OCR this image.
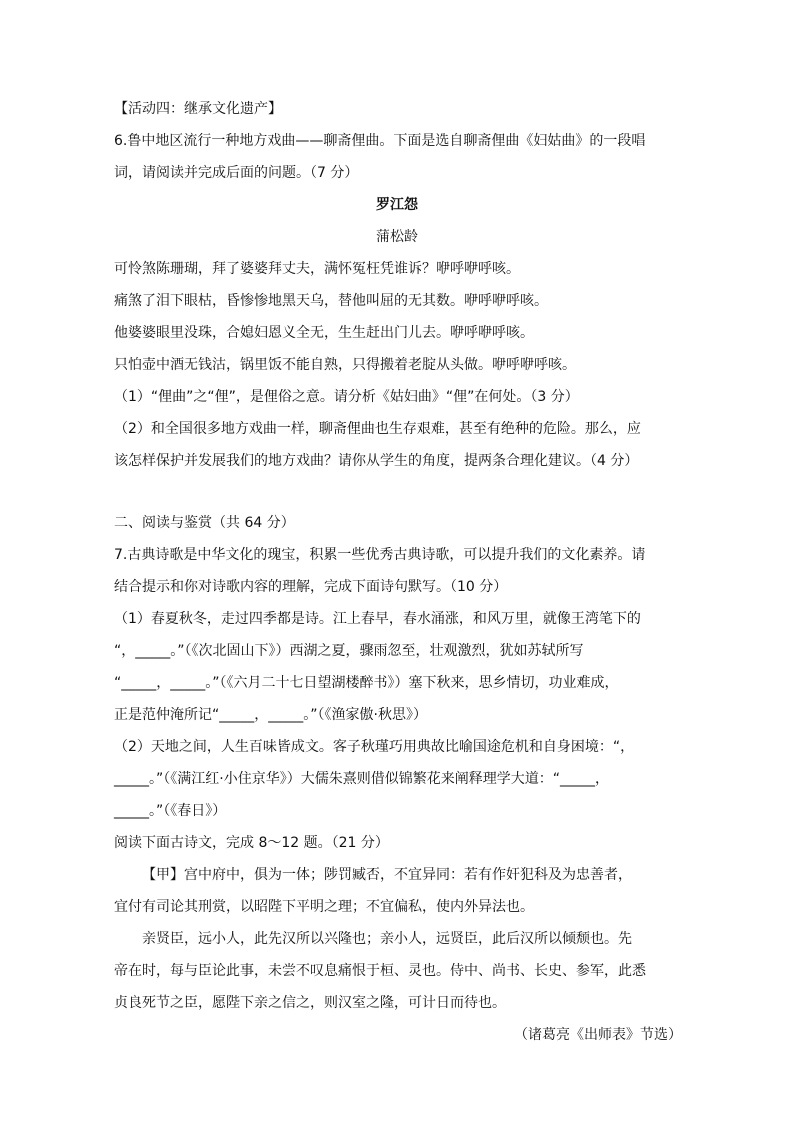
【活动四：继承文化遗产】
6.鲁中地区流行一种地方戏曲——聊斋俚曲。下面是选自聊斋俚曲《妇姑曲》的一段唱
词，请阅读并完成后面的问题。（7 分）
罗江怨
蒲松龄
可怜煞陈珊瑚，拜了婆婆拜丈夫，满怀冤枉凭谁诉？咿呼咿呼咳。
痛煞了泪下眼枯，昏惨惨地黑天乌，替他叫屈的无其数。咿呼咿呼咳。
他婆婆眼里没珠，合媳妇恩义全无，生生赶出门儿去。咿呼咿呼咳。
只怕壶中酒无钱沽，锅里饭不能自熟，只得搬着老腚从头做。咿呼咿呼咳。
（1）“俚曲”之“俚”，是俚俗之意。请分析《姑妇曲》“俚”在何处。（3 分）
（2）和全国很多地方戏曲一样，聊斋俚曲也生存艰难，甚至有绝种的危险。那么，应
该怎样保护并发展我们的地方戏曲？请你从学生的角度，提两条合理化建议。（4 分）
二、阅读与鉴赏（共 64 分）
7.古典诗歌是中华文化的瑰宝，积累一些优秀古典诗歌，可以提升我们的文化素养。请
结合提示和你对诗歌内容的理解，完成下面诗句默写。（10 分）
（1）春夏秋冬，走过四季都是诗。江上春早，春水涌涨，和风万里，就像王湾笔下的
“，_____。”（《次北固山下》）西湖之夏，骤雨忽至，壮观激烈，犹如苏轼所写
“_____，_____。”（《六月二十七日望湖楼醉书》）塞下秋来，思乡情切，功业难成，
正是范仲淹所记“_____，_____。”（《渔家傲·秋思》）
（2）天地之间，人生百味皆成文。客子秋瑾巧用典故比喻国途危机和自身困境：“，
_____。”（《满江红·小住京华》）大儒朱熹则借似锦繁花来阐释理学大道：“_____，
_____。”（《春日》）
阅读下面古诗文，完成 8～12 题。（21 分）
【甲】宫中府中，俱为一体；陟罚臧否，不宜异同：若有作奸犯科及为忠善者，
宜付有司论其刑赏，以昭陛下平明之理；不宜偏私，使内外异法也。
亲贤臣，远小人，此先汉所以兴隆也；亲小人，远贤臣，此后汉所以倾颓也。先
帝在时，每与臣论此事，未尝不叹息痛恨于桓、灵也。侍中、尚书、长史、参军，此悉
贞良死节之臣，愿陛下亲之信之，则汉室之隆，可计日而待也。
（诸葛亮《出师表》节选）
